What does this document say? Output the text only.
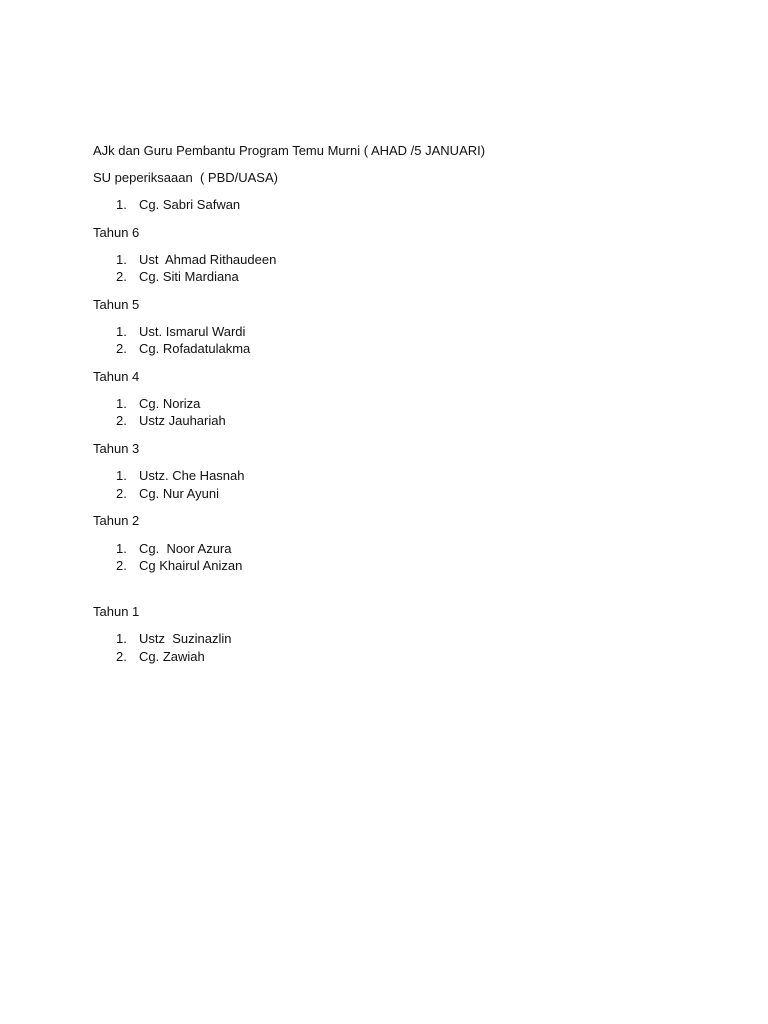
AJk dan Guru Pembantu Program Temu Murni ( AHAD /5 JANUARI)
SU peperiksaaan  ( PBD/UASA)
1. Cg. Sabri Safwan
Tahun 6
1. Ust  Ahmad Rithaudeen
2. Cg. Siti Mardiana
Tahun 5
1. Ust. Ismarul Wardi
2. Cg. Rofadatulakma
Tahun 4
1. Cg. Noriza
2. Ustz Jauhariah
Tahun 3
1. Ustz. Che Hasnah
2. Cg. Nur Ayuni
Tahun 2
1. Cg.  Noor Azura
2. Cg Khairul Anizan
Tahun 1
1. Ustz  Suzinazlin
2. Cg. Zawiah
